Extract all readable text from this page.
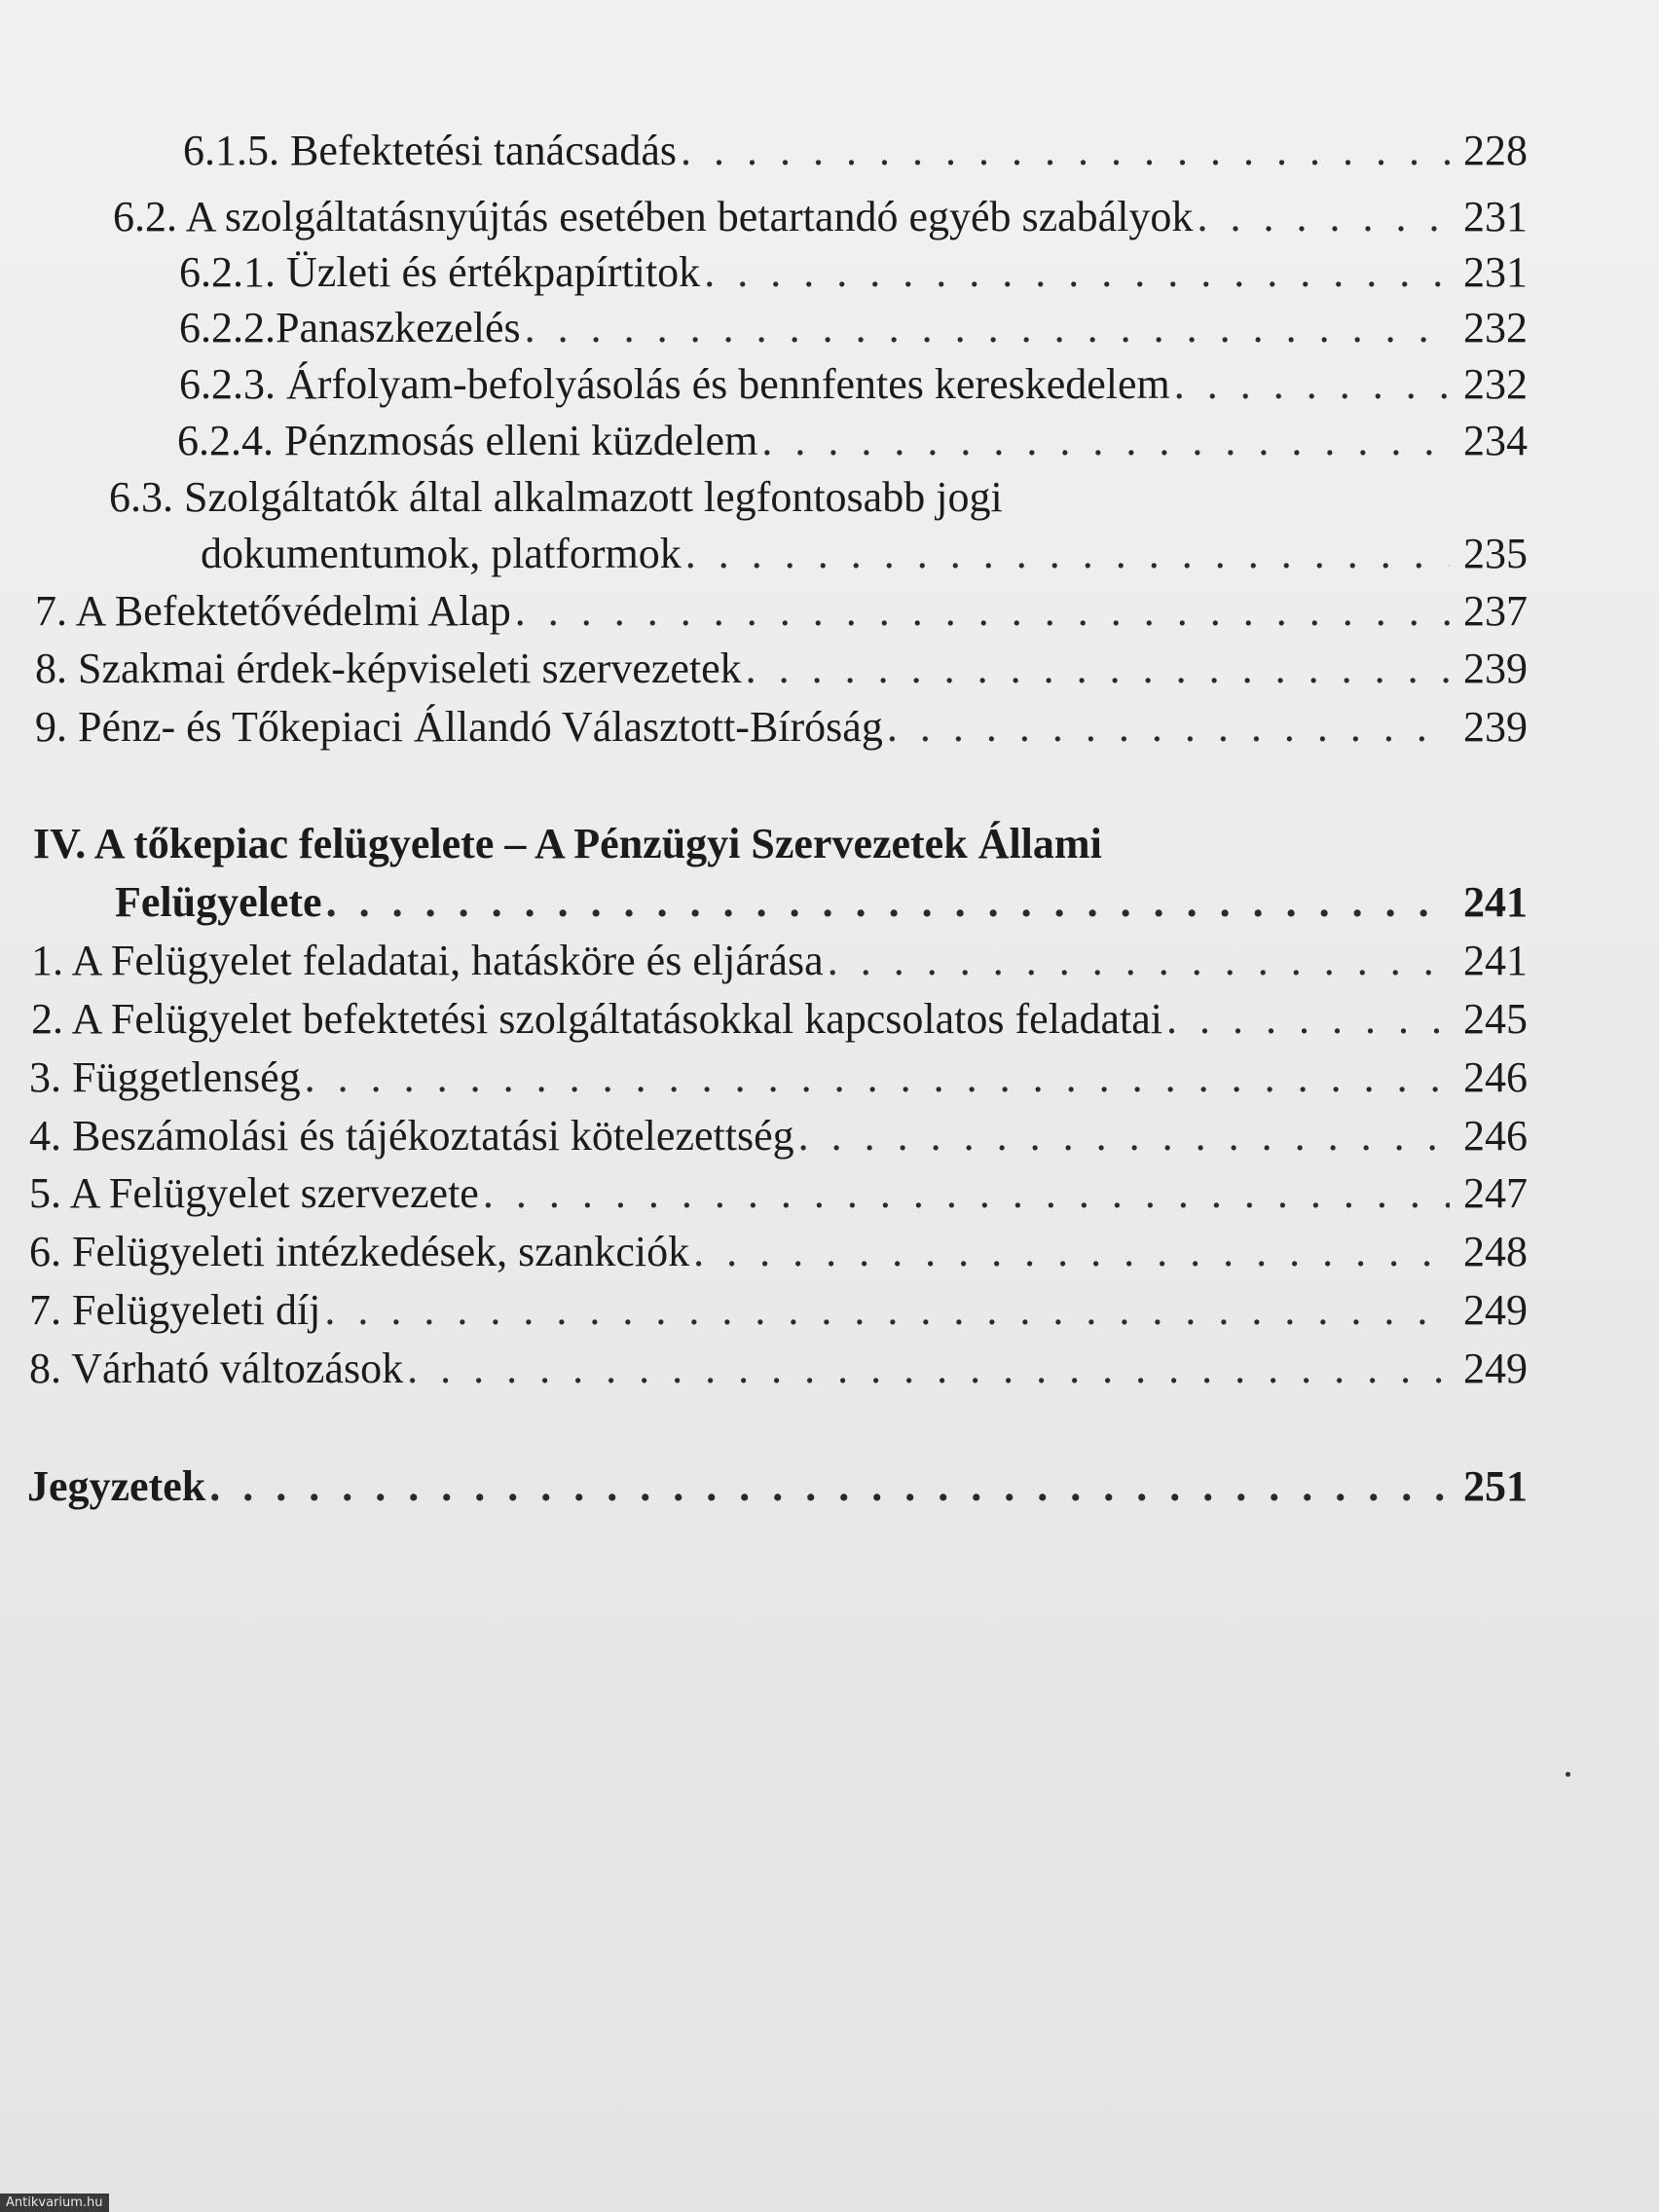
6.1.5. Befektetési tanácsadás . . .	228
6.2. A szolgáltatásnyújtás esetében betartandó egyéb szabályok . . .	231
6.2.1. Üzleti és értékpapírtitok . . .	231
6.2.2.Panaszkezelés . . .	232
6.2.3. Árfolyam-befolyásolás és bennfentes kereskedelem . . .	232
6.2.4. Pénzmosás elleni küzdelem . . .	234
6.3. Szolgáltatók által alkalmazott legfontosabb jogi
dokumentumok, platformok . . .	235
7. A Befektetővédelmi Alap . . .	237
8. Szakmai érdek-képviseleti szervezetek . . .	239
9. Pénz- és Tőkepiaci Állandó Választott-Bíróság . . .	239
IV. A tőkepiac felügyelete – A Pénzügyi Szervezetek Állami
Felügyelete . . .	241
1. A Felügyelet feladatai, hatásköre és eljárása . . .	241
2. A Felügyelet befektetési szolgáltatásokkal kapcsolatos feladatai . . .	245
3. Függetlenség . . .	246
4. Beszámolási és tájékoztatási kötelezettség . . .	246
5. A Felügyelet szervezete . . .	247
6. Felügyeleti intézkedések, szankciók . . .	248
7. Felügyeleti díj . . .	249
8. Várható változások . . .	249
Jegyzetek . . .	251
Antikvarium.hu
